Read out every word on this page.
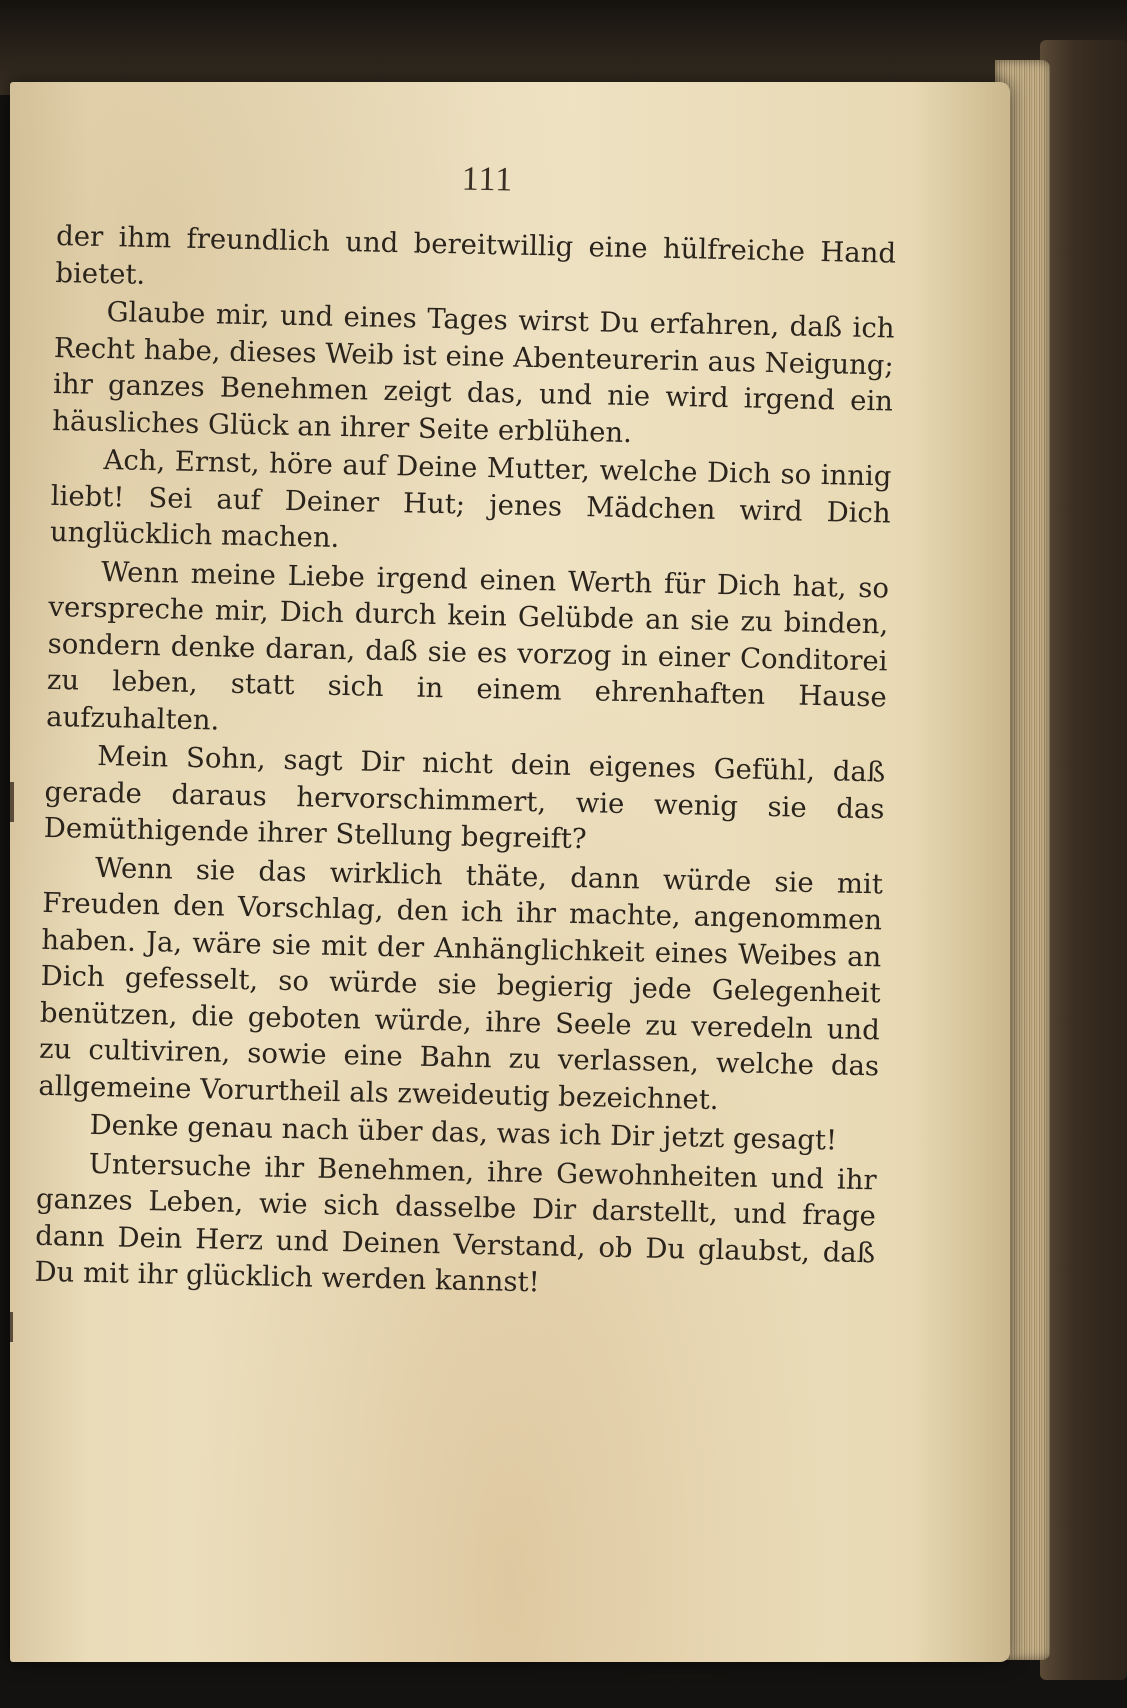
111

der ihm freundlich und bereitwillig eine hülfreiche Hand bietet.

Glaube mir, und eines Tages wirst Du erfahren, daß ich Recht habe, dieses Weib ist eine Abenteurerin aus Neigung; ihr ganzes Benehmen zeigt das, und nie wird irgend ein häusliches Glück an ihrer Seite erblühen.

Ach, Ernst, höre auf Deine Mutter, welche Dich so innig liebt! Sei auf Deiner Hut; jenes Mädchen wird Dich unglücklich machen.

Wenn meine Liebe irgend einen Werth für Dich hat, so verspreche mir, Dich durch kein Gelübde an sie zu binden, sondern denke daran, daß sie es vorzog in einer Conditorei zu leben, statt sich in einem ehrenhaften Hause aufzuhalten.

Mein Sohn, sagt Dir nicht dein eigenes Gefühl, daß gerade daraus hervorschimmert, wie wenig sie das Demüthigende ihrer Stellung begreift?

Wenn sie das wirklich thäte, dann würde sie mit Freuden den Vorschlag, den ich ihr machte, angenommen haben. Ja, wäre sie mit der Anhänglichkeit eines Weibes an Dich gefesselt, so würde sie begierig jede Gelegenheit benützen, die geboten würde, ihre Seele zu veredeln und zu cultiviren, sowie eine Bahn zu verlassen, welche das allgemeine Vorurtheil als zweideutig bezeichnet.

Denke genau nach über das, was ich Dir jetzt gesagt!

Untersuche ihr Benehmen, ihre Gewohnheiten und ihr ganzes Leben, wie sich dasselbe Dir darstellt, und frage dann Dein Herz und Deinen Verstand, ob Du glaubst, daß Du mit ihr glücklich werden kannst!
